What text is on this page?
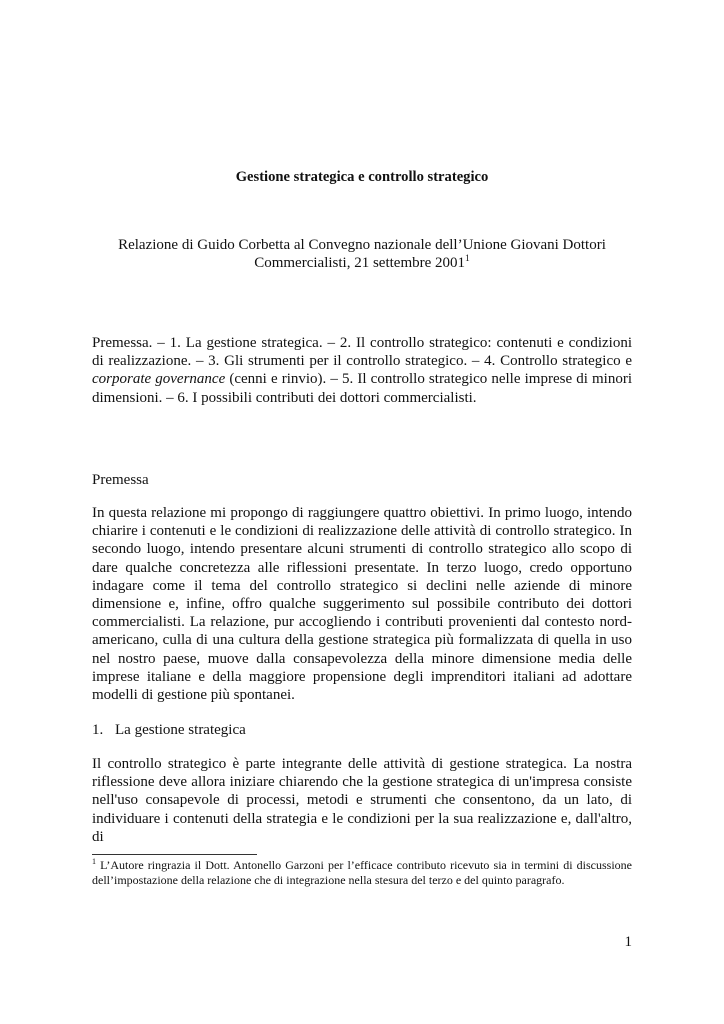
Gestione strategica e controllo strategico
Relazione di Guido Corbetta al Convegno nazionale dell’Unione Giovani Dottori
Commercialisti, 21 settembre 2001$^1$
Premessa. – 1. La gestione strategica. – 2. Il controllo strategico: contenuti e condizioni di realizzazione. – 3. Gli strumenti per il controllo strategico. – 4. Controllo strategico e corporate governance (cenni e rinvio). – 5. Il controllo strategico nelle imprese di minori dimensioni. – 6. I possibili contributi dei dottori commercialisti.
Premessa
In questa relazione mi propongo di raggiungere quattro obiettivi. In primo luogo, intendo chiarire i contenuti e le condizioni di realizzazione delle attività di controllo strategico. In secondo luogo, intendo presentare alcuni strumenti di controllo strategico allo scopo di dare qualche concretezza alle riflessioni presentate. In terzo luogo, credo opportuno indagare come il tema del controllo strategico si declini nelle aziende di minore dimensione e, infine, offro qualche suggerimento sul possibile contributo dei dottori commercialisti. La relazione, pur accogliendo i contributi provenienti dal contesto nord-americano, culla di una cultura della gestione strategica più formalizzata di quella in uso nel nostro paese, muove dalla consapevolezza della minore dimensione media delle imprese italiane e della maggiore propensione degli imprenditori italiani ad adottare modelli di gestione più spontanei.
1. La gestione strategica
Il controllo strategico è parte integrante delle attività di gestione strategica. La nostra riflessione deve allora iniziare chiarendo che la gestione strategica di un'impresa consiste nell'uso consapevole di processi, metodi e strumenti che consentono, da un lato, di individuare i contenuti della strategia e le condizioni per la sua realizzazione e, dall'altro, di
$^1$ L’Autore ringrazia il Dott. Antonello Garzoni per l’efficace contributo ricevuto sia in termini di discussione dell’impostazione della relazione che di integrazione nella stesura del terzo e del quinto paragrafo.
1
